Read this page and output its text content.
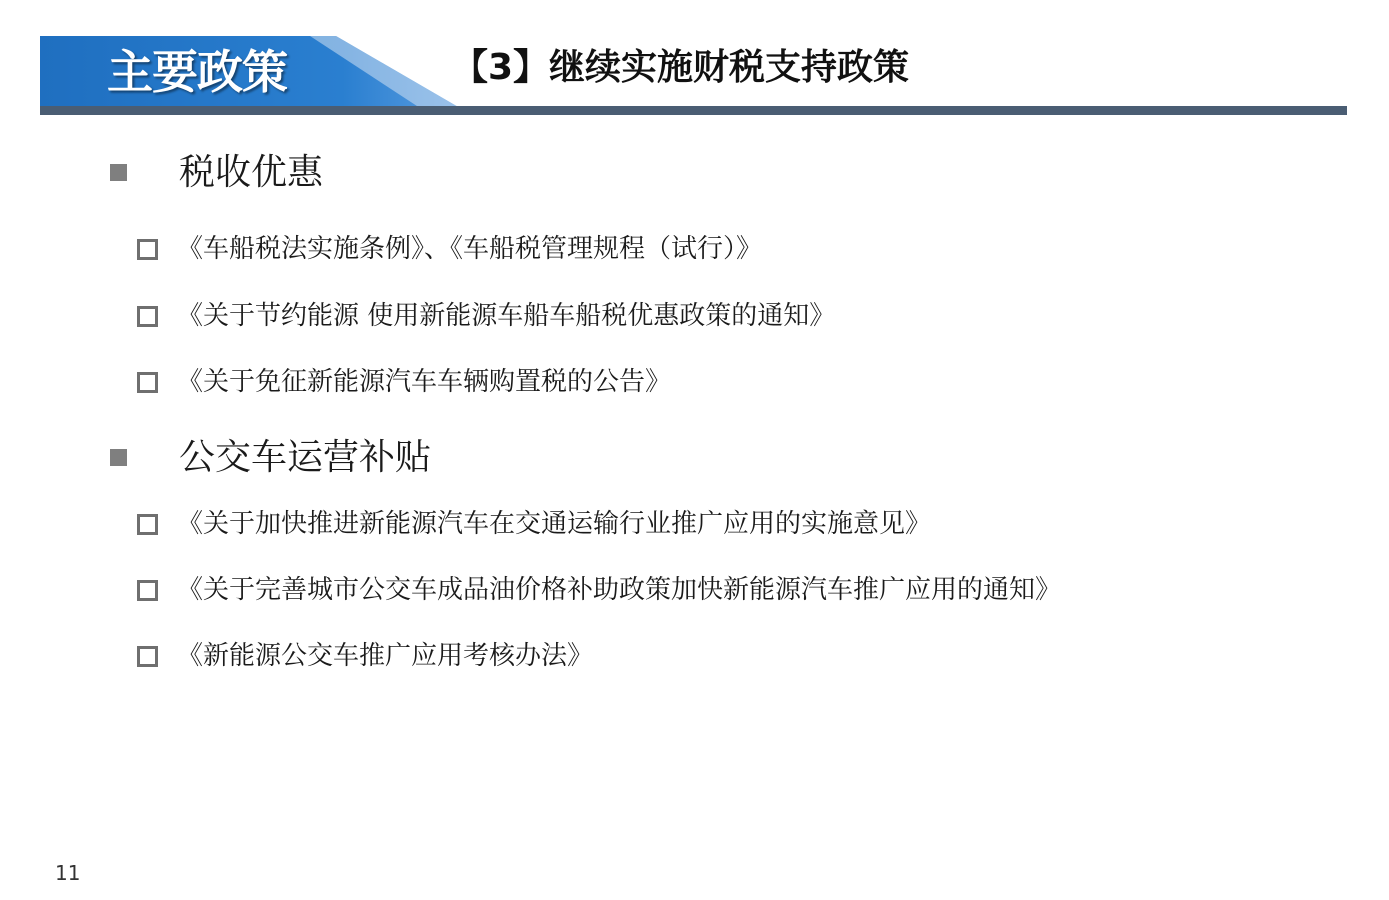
主要政策	【3】继续实施财税支持政策
税收优惠
《车船税法实施条例》、《车船税管理规程（试行）》
《关于节约能源 使用新能源车船车船税优惠政策的通知》
《关于免征新能源汽车车辆购置税的公告》
公交车运营补贴
《关于加快推进新能源汽车在交通运输行业推广应用的实施意见》
《关于完善城市公交车成品油价格补助政策加快新能源汽车推广应用的通知》
《新能源公交车推广应用考核办法》
11
